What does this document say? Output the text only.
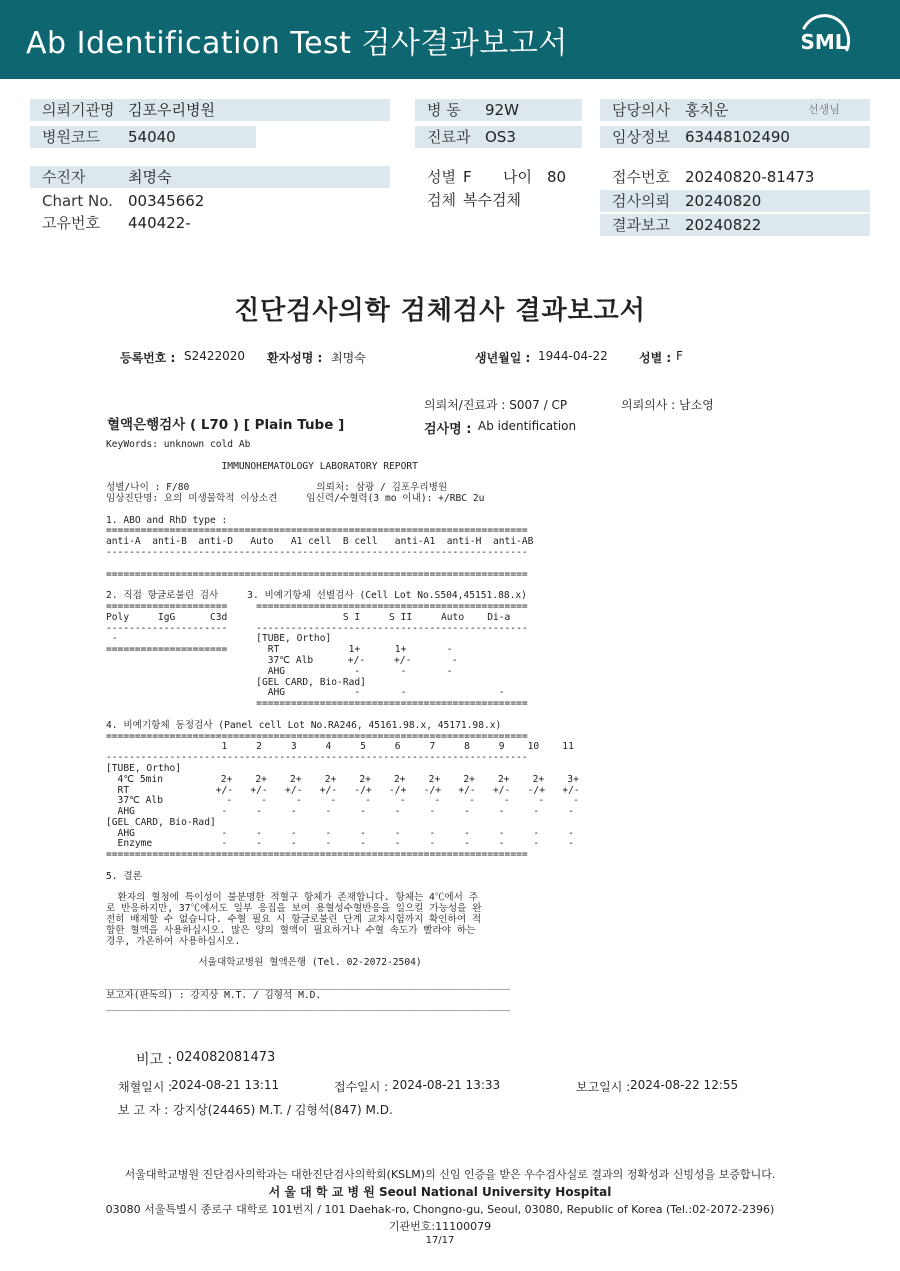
Ab Identification Test 검사결과보고서	SML
의뢰기관명 김포우리병원
병원코드 54040
병 동 92W
진료과 OS3
담당의사 홍치운	선생님
임상정보 63448102490
수진자	최명숙
Chart No. 00345662
고유번호 440422-
성별 F 나이 80
검체 복수검체
접수번호 20240820-81473
검사의뢰 20240820
결과보고 20240822
진단검사의학 검체검사 결과보고서
등록번호 : S2422020 환자성명 : 최명숙	생년월일 : 1944-04-22	성별 : F
의뢰처/진료과 : S007 / CP	의뢰의사 : 남소영
혈액은행검사 ( L70 ) [ Plain Tube ]	검사명 : Ab identification
KeyWords: unknown cold Ab

IMMUNOHEMATOLOGY LABORATORY REPORT

성별/나이 : F/80                      의뢰처: 삼광 / 김포우리병원
임상진단명: 요의 미생물학적 이상소견     임신력/수혈력(3 mo 이내): +/RBC 2u

1. ABO and RhD type :
=========================================================================
anti-A  anti-B  anti-D   Auto   A1 cell  B cell   anti-A1  anti-H  anti-AB
-------------------------------------------------------------------------

=========================================================================

2. 직접 항글로불린 검사     3. 비예기항체 선별검사 (Cell Lot No.S504,45151.88.x)
=====================     ===============================================
Poly     IgG      C3d                    S I     S II     Auto    Di-a
---------------------     -----------------------------------------------
-                        [TUBE, Ortho]
=====================       RT            1+      1+       -
37℃ Alb      +/-     +/-       -
AHG            -       -       -
[GEL CARD, Bio-Rad]
AHG            -       -                -
===============================================

4. 비예기항체 동정검사 (Panel cell Lot No.RA246, 45161.98.x, 45171.98.x)
=========================================================================
1     2     3     4     5     6     7     8     9    10    11
-------------------------------------------------------------------------
[TUBE, Ortho]
4℃ 5min          2+    2+    2+    2+    2+    2+    2+    2+    2+    2+    3+
RT               +/-   +/-   +/-   +/-   -/+   -/+   -/+   +/-   +/-   -/+   +/-
37℃ Alb           -     -     -     -     -     -     -     -     -     -     -
AHG               -     -     -     -     -     -     -     -     -     -     -
[GEL CARD, Bio-Rad]
AHG               -     -     -     -     -     -     -     -     -     -     -
Enzyme            -     -     -     -     -     -     -     -     -     -     -
=========================================================================

5. 결론

환자의 혈청에 특이성이 불분명한 적혈구 항체가 존재합니다. 항체는 4℃에서 주
로 반응하지만, 37℃에서도 일부 응집을 보여 용혈성수혈반응을 일으킬 가능성을 완
전히 배제할 수 없습니다. 수혈 필요 시 항글로불린 단계 교차시험까지 확인하여 적
합한 혈액을 사용하십시오. 많은 양의 혈액이 필요하거나 수혈 속도가 빨라야 하는
경우, 가온하여 사용하십시오.

서울대학교병원 혈액은행 (Tel. 02-2072-2504)

______________________________________________________________________
보고자(판독의) : 강지상 M.T. / 김형석 M.D.
______________________________________________________________________
비고 : 024082081473
채혈일시 :
2024-08-21 13:11	접수일시 : 2024-08-21 13:33	보고일시 : 2024-08-22 12:55
보 고 자 : 강지상(24465) M.T. / 김형석(847) M.D.
서울대학교병원 진단검사의학과는 대한진단검사의학회(KSLM)의 신임 인증을 받은 우수검사실로 결과의 정확성과 신빙성을 보증합니다.
서 울 대 학 교 병 원 Seoul National University Hospital
03080 서울특별시 종로구 대학로 101번지 / 101 Daehak-ro, Chongno-gu, Seoul, 03080, Republic of Korea (Tel.:02-2072-2396)
기관번호:11100079
17/17
